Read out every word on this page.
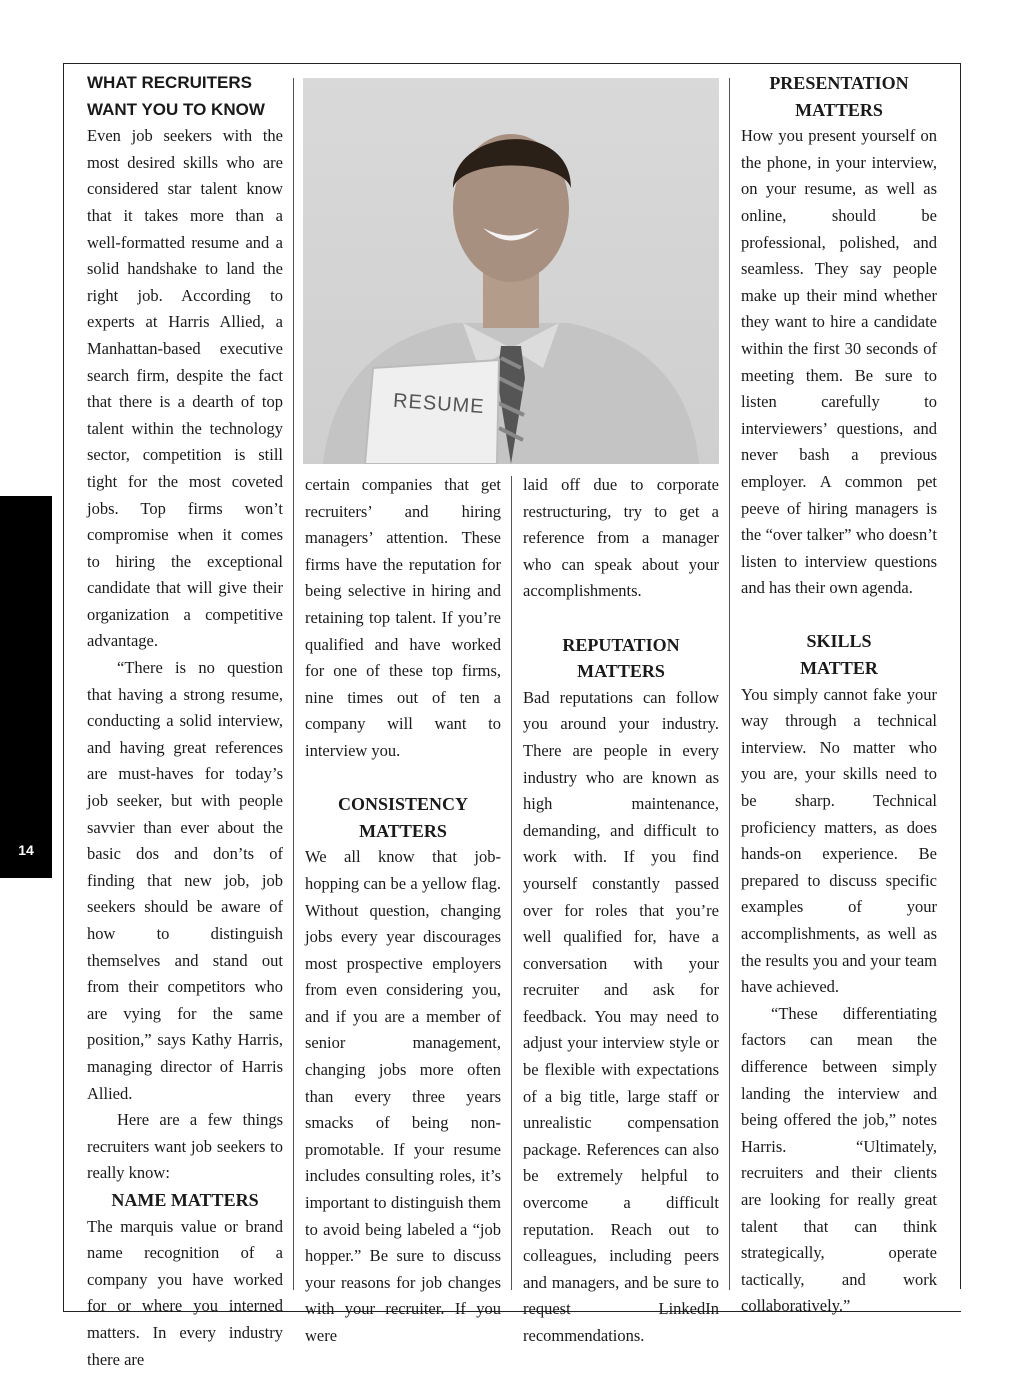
MINORITY ENGINEER • SPRING 2015
14
RESUME

WHAT RECRUITERS

WANT YOU TO KNOW

Even job seekers with the most desired skills who are considered star talent know that it takes more than a well-formatted resume and a solid handshake to land the right job. According to experts at Harris Allied, a Manhattan-based executive search firm, despite the fact that there is a dearth of top talent within the technology sector, competition is still tight for the most coveted jobs. Top firms won’t compromise when it comes to hiring the exceptional candidate that will give their organization a competitive advantage.

“There is no question that having a strong resume, conducting a solid interview, and having great references are must-haves for today’s job seeker, but with people savvier than ever about the basic dos and don’ts of finding that new job, job seekers should be aware of how to distinguish themselves and stand out from their competitors who are vying for the same position,” says Kathy Harris, managing director of Harris Allied.

Here are a few things recruiters want job seekers to really know:

NAME MATTERS

The marquis value or brand name recognition of a company you have worked for or where you interned matters. In every industry there are

certain companies that get recruiters’ and hiring managers’ attention. These firms have the reputation for being selective in hiring and retaining top talent. If you’re qualified and have worked for one of these top firms, nine times out of ten a company will want to interview you.

CONSISTENCY

MATTERS

We all know that job-hopping can be a yellow flag. Without question, changing jobs every year discourages most prospective employers from even considering you, and if you are a member of senior management, changing jobs more often than every three years smacks of being non-promotable. If your resume includes consulting roles, it’s important to distinguish them to avoid being labeled a “job hopper.” Be sure to discuss your reasons for job changes with your recruiter. If you were

laid off due to corporate restructuring, try to get a reference from a manager who can speak about your accomplishments.

REPUTATION

MATTERS

Bad reputations can follow you around your industry. There are people in every industry who are known as high maintenance, demanding, and difficult to work with. If you find yourself constantly passed over for roles that you’re well qualified for, have a conversation with your recruiter and ask for feedback. You may need to adjust your interview style or be flexible with expectations of a big title, large staff or unrealistic compensation package. References can also be extremely helpful to overcome a difficult reputation. Reach out to colleagues, including peers and managers, and be sure to request LinkedIn recommendations.

PRESENTATION

MATTERS

How you present yourself on the phone, in your interview, on your resume, as well as online, should be professional, polished, and seamless. They say people make up their mind whether they want to hire a candidate within the first 30 seconds of meeting them. Be sure to listen carefully to interviewers’ questions, and never bash a previous employer. A common pet peeve of hiring managers is the “over talker” who doesn’t listen to interview questions and has their own agenda.

SKILLS

MATTER

You simply cannot fake your way through a technical interview. No matter who you are, your skills need to be sharp. Technical proficiency matters, as does hands-on experience. Be prepared to discuss specific examples of your accomplishments, as well as the results you and your team have achieved.

“These differentiating factors can mean the difference between simply landing the interview and being offered the job,” notes Harris. “Ultimately, recruiters and their clients are looking for really great talent that can think strategically, operate tactically, and work collaboratively.”
